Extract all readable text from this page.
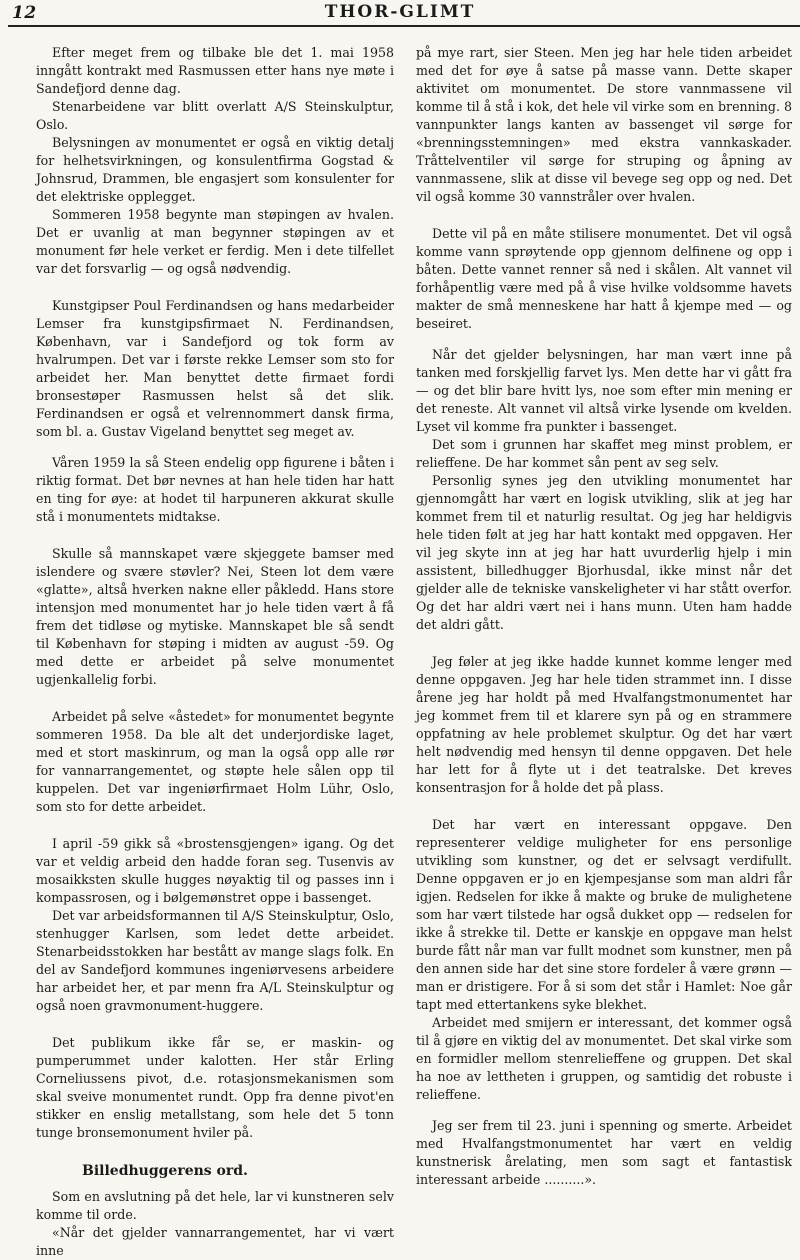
12	THOR-GLIMT

Efter meget frem og tilbake ble det 1. mai 1958 inngått kontrakt med Rasmussen etter hans nye møte i Sandefjord denne dag.

Stenarbeidene var blitt overlatt A/S Steinskulptur, Oslo.

Belysningen av monumentet er også en viktig detalj for helhetsvirkningen, og konsulentfirma Gogstad & Johnsrud, Drammen, ble engasjert som konsulenter for det elektriske opplegget.

Sommeren 1958 begynte man støpingen av hvalen. Det er uvanlig at man begynner støpingen av et monument før hele verket er ferdig. Men i dete tilfellet var det forsvarlig — og også nødvendig.

Kunstgipser Poul Ferdinandsen og hans medarbeider Lemser fra kunstgipsfirmaet N. Ferdinandsen, København, var i Sandefjord og tok form av hvalrumpen. Det var i første rekke Lemser som sto for arbeidet her. Man benyttet dette firmaet fordi bronsestøper Rasmussen helst så det slik. Ferdinandsen er også et velrennommert dansk firma, som bl. a. Gustav Vigeland benyttet seg meget av.

Våren 1959 la så Steen endelig opp figurene i båten i riktig format. Det bør nevnes at han hele tiden har hatt en ting for øye: at hodet til harpuneren akkurat skulle stå i monumentets midtakse.

Skulle så mannskapet være skjeggete bamser med islendere og svære støvler? Nei, Steen lot dem være «glatte», altså hverken nakne eller påkledd. Hans store intensjon med monumentet har jo hele tiden vært å få frem det tidløse og mytiske. Mannskapet ble så sendt til København for støping i midten av august -59. Og med dette er arbeidet på selve monumentet ugjenkallelig forbi.

Arbeidet på selve «åstedet» for monumentet begynte sommeren 1958. Da ble alt det underjordiske laget, med et stort maskinrum, og man la også opp alle rør for vannarrangementet, og støpte hele sålen opp til kuppelen. Det var ingeniørfirmaet Holm Lühr, Oslo, som sto for dette arbeidet.

I april -59 gikk så «brostensgjengen» igang. Og det var et veldig arbeid den hadde foran seg. Tusenvis av mosaikksten skulle hugges nøyaktig til og passes inn i kompassrosen, og i bølgemønstret oppe i bassenget.

Det var arbeidsformannen til A/S Steinskulptur, Oslo, stenhugger Karlsen, som ledet dette arbeidet. Stenarbeidsstokken har bestått av mange slags folk. En del av Sandefjord kommunes ingeniørvesens arbeidere har arbeidet her, et par menn fra A/L Steinskulptur og også noen gravmonument-huggere.

Det publikum ikke får se, er maskin- og pumperummet under kalotten. Her står Erling Corneliussens pivot, d.e. rotasjonsmekanismen som skal sveive monumentet rundt. Opp fra denne pivot'en stikker en enslig metallstang, som hele det 5 tonn tunge bronsemonument hviler på.

Billedhuggerens ord.

Som en avslutning på det hele, lar vi kunstneren selv komme til orde.

«Når det gjelder vannarrangementet, har vi vært inne

på mye rart, sier Steen. Men jeg har hele tiden arbeidet med det for øye å satse på masse vann. Dette skaper aktivitet om monumentet. De store vannmassene vil komme til å stå i kok, det hele vil virke som en brenning. 8 vannpunkter langs kanten av bassenget vil sørge for «brenningsstemningen» med ekstra vannkaskader. Tråttelventiler vil sørge for struping og åpning av vannmassene, slik at disse vil bevege seg opp og ned. Det vil også komme 30 vannstråler over hvalen.

Dette vil på en måte stilisere monumentet. Det vil også komme vann sprøytende opp gjennom delfinene og opp i båten. Dette vannet renner så ned i skålen. Alt vannet vil forhåpentlig være med på å vise hvilke voldsomme havets makter de små menneskene har hatt å kjempe med — og beseiret.

Når det gjelder belysningen, har man vært inne på tanken med forskjellig farvet lys. Men dette har vi gått fra — og det blir bare hvitt lys, noe som efter min mening er det reneste. Alt vannet vil altså virke lysende om kvelden. Lyset vil komme fra punkter i bassenget.

Det som i grunnen har skaffet meg minst problem, er relieffene. De har kommet sån pent av seg selv.

Personlig synes jeg den utvikling monumentet har gjennomgått har vært en logisk utvikling, slik at jeg har kommet frem til et naturlig resultat. Og jeg har heldigvis hele tiden følt at jeg har hatt kontakt med oppgaven. Her vil jeg skyte inn at jeg har hatt uvurderlig hjelp i min assistent, billedhugger Bjorhusdal, ikke minst når det gjelder alle de tekniske vanskeligheter vi har stått overfor. Og det har aldri vært nei i hans munn. Uten ham hadde det aldri gått.

Jeg føler at jeg ikke hadde kunnet komme lenger med denne oppgaven. Jeg har hele tiden strammet inn. I disse årene jeg har holdt på med Hvalfangstmonumentet har jeg kommet frem til et klarere syn på og en strammere oppfatning av hele problemet skulptur. Og det har vært helt nødvendig med hensyn til denne oppgaven. Det hele har lett for å flyte ut i det teatralske. Det kreves konsentrasjon for å holde det på plass.

Det har vært en interessant oppgave. Den representerer veldige muligheter for ens personlige utvikling som kunstner, og det er selvsagt verdifullt. Denne oppgaven er jo en kjempesjanse som man aldri får igjen. Redselen for ikke å makte og bruke de mulighetene som har vært tilstede har også dukket opp — redselen for ikke å strekke til. Dette er kanskje en oppgave man helst burde fått når man var fullt modnet som kunstner, men på den annen side har det sine store fordeler å være grønn — man er dristigere. For å si som det står i Hamlet: Noe går tapt med ettertankens syke blekhet.

Arbeidet med smijern er interessant, det kommer også til å gjøre en viktig del av monumentet. Det skal virke som en formidler mellom stenrelieffene og gruppen. Det skal ha noe av lettheten i gruppen, og samtidig det robuste i relieffene.

Jeg ser frem til 23. juni i spenning og smerte. Arbeidet med Hvalfangstmonumentet har vært en veldig kunstnerisk årelating, men som sagt et fantastisk interessant arbeide ..........».
